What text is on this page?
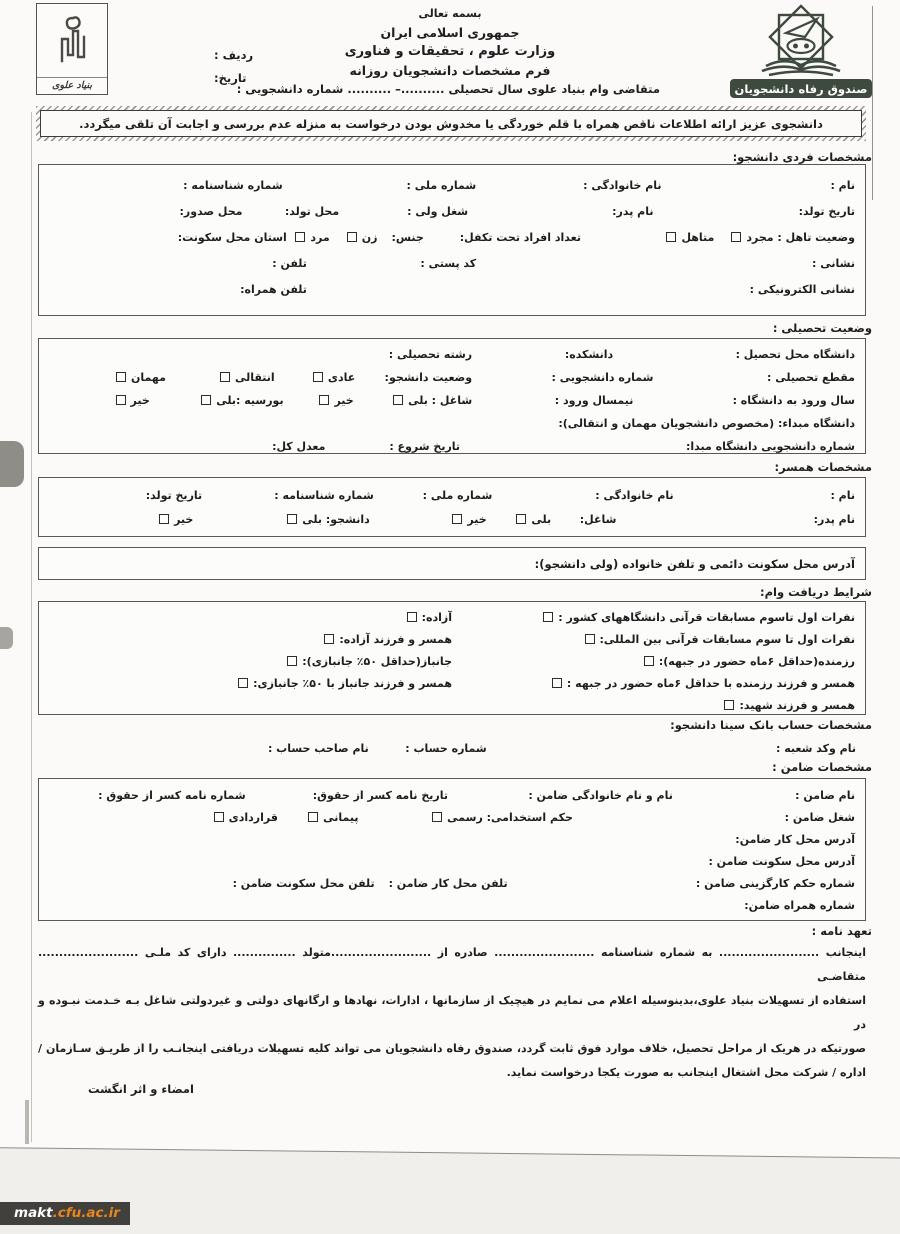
بنیاد علوی
بسمه تعالی
جمهوری اسلامی ایران
وزارت علوم ، تحقیقات و فناوری
فرم مشخصات دانشجویان روزانه
متقاضی وام بنیاد علوی سال تحصیلی ..........– .......... شماره دانشجویی :
ردیف :
تاریخ:
صندوق رفاه دانشجویان
دانشجوی عزیز ارائه اطلاعات ناقص همراه با قلم خوردگی یا مخدوش بودن درخواست به منزله عدم بررسی و اجابت آن تلقی میگردد.
مشخصات فردی دانشجو:
نام :
نام خانوادگی :
شماره ملی :
شماره شناسنامه :
تاریخ تولد:
نام پدر:
شغل ولی :
محل تولد:
محل صدور:
وضعیت تاهل : مجردمتاهل
تعداد افراد تحت تکفل:
جنس:زنمرد
استان محل سکونت:
نشانی :
کد پستی :
تلفن :
نشانی الکترونیکی :
تلفن همراه:
وضعیت تحصیلی :
دانشگاه محل تحصیل :
دانشکده:
رشته تحصیلی :
مقطع تحصیلی :
شماره دانشجویی :
وضعیت دانشجو:
عادی
انتقالی
مهمان
سال ورود به دانشگاه :
نیمسال ورود :
شاغل : بلی
خیر
بورسیه :بلی
خیر
دانشگاه مبداء: (مخصوص دانشجویان مهمان و انتقالی):
شماره دانشجویی دانشگاه مبدا:
تاریخ شروع :
معدل کل:
مشخصات همسر:
نام :
نام خانوادگی :
شماره ملی :
شماره شناسنامه :
تاریخ تولد:
نام پدر:
شاغل:
بلی
خیر
دانشجو: بلی
خیر
آدرس محل سکونت دائمی و تلفن خانواده (ولی دانشجو):
شرایط دریافت وام:
نفرات اول تاسوم مسابقات قرآنی دانشگاههای کشور :
آزاده:
نفرات اول تا سوم مسابقات قرآنی بین المللی:
همسر و فرزند آزاده:
رزمنده(حداقل ۶ماه حضور در جبهه):
جانباز(حداقل ۵۰٪ جانبازی):
همسر و فرزند رزمنده با حداقل ۶ماه حضور در جبهه :
همسر و فرزند جانباز با ۵۰٪ جانبازی:
همسر و فرزند شهید:
مشخصات حساب بانک سینا دانشجو:
نام وکد شعبه :
شماره حساب :
نام صاحب حساب :
مشخصات ضامن :
نام ضامن :
نام و نام خانوادگی ضامن :
تاریخ نامه کسر از حقوق:
شماره نامه کسر از حقوق :
شغل ضامن :
حکم استخدامی: رسمی
پیمانی
قراردادی
آدرس محل کار ضامن:
آدرس محل سکونت ضامن :
شماره حکم کارگزینی ضامن :
تلفن محل کار ضامن :
تلفن محل سکونت ضامن :
شماره همراه ضامن:
تعهد نامه :
اینجانب ........................ به شماره شناسنامه ........................ صادره از ........................متولد ............... دارای کد ملـی ........................ متقاضـی
استفاده از تسهیلات بنیاد علوی،بدینوسیله اعلام می نمایم در هیچیک از سازمانها ، ادارات، نهادها و ارگانهای دولتی و غیردولتی شاغل بـه خـدمت نبـوده و در
صورتیکه در هریک از مراحل تحصیل، خلاف موارد فوق ثابت گردد، صندوق رفاه دانشجویان می تواند کلیه تسهیلات دریافتی اینجانـب را از طریـق سـازمان /
اداره / شرکت محل اشتغال اینجانب به صورت یکجا درخواست نماید.
امضاء و اثر انگشت
makt.cfu.ac.ir
